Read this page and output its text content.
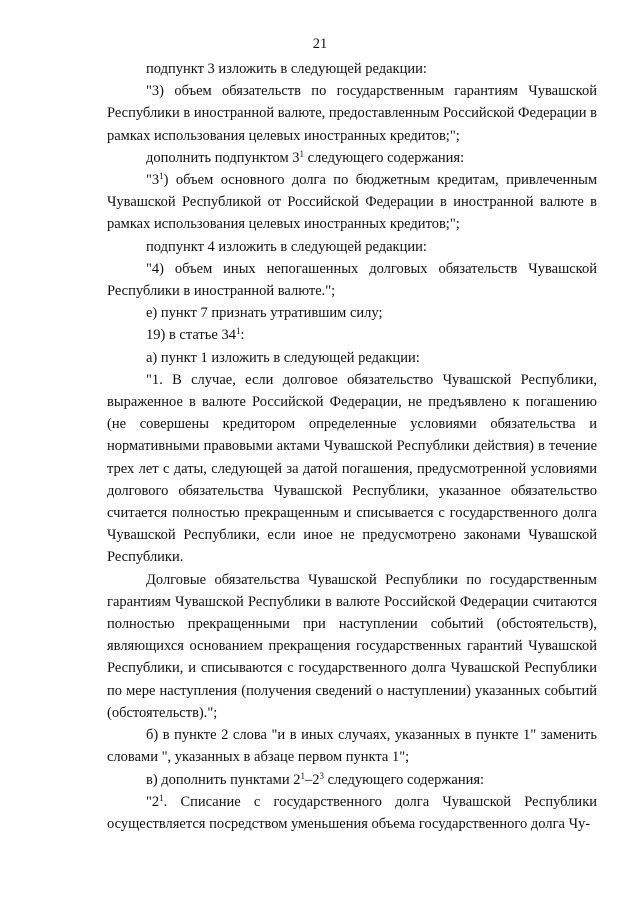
21

подпункт 3 изложить в следующей редакции:

"3) объем обязательств по государственным гарантиям Чувашской Республики в иностранной валюте, предоставленным Российской Федерации в рамках использования целевых иностранных кредитов;";

дополнить подпунктом $3^1$ следующего содержания:

"$3^1$) объем основного долга по бюджетным кредитам, привлеченным Чувашской Республикой от Российской Федерации в иностранной валюте в рамках использования целевых иностранных кредитов;";

подпункт 4 изложить в следующей редакции:

"4) объем иных непогашенных долговых обязательств Чувашской Республики в иностранной валюте.";

е) пункт 7 признать утратившим силу;

19) в статье $34^1$:

а) пункт 1 изложить в следующей редакции:

"1. В случае, если долговое обязательство Чувашской Республики, выраженное в валюте Российской Федерации, не предъявлено к погашению (не совершены кредитором определенные условиями обязательства и нормативными правовыми актами Чувашской Республики действия) в течение трех лет с даты, следующей за датой погашения, предусмотренной условиями долгового обязательства Чувашской Республики, указанное обязательство считается полностью прекращенным и списывается с государственного долга Чувашской Республики, если иное не предусмотрено законами Чувашской Республики.

Долговые обязательства Чувашской Республики по государственным гарантиям Чувашской Республики в валюте Российской Федерации считаются полностью прекращенными при наступлении событий (обстоятельств), являющихся основанием прекращения государственных гарантий Чувашской Республики, и списываются с государственного долга Чувашской Республики по мере наступления (получения сведений о наступлении) указанных событий (обстоятельств).";

б) в пункте 2 слова "и в иных случаях, указанных в пункте 1" заменить словами ", указанных в абзаце первом пункта 1";

в) дополнить пунктами $2^1-2^3$ следующего содержания:

"$2^1$. Списание с государственного долга Чувашской Республики осуществляется посредством уменьшения объема государственного долга Чу-
